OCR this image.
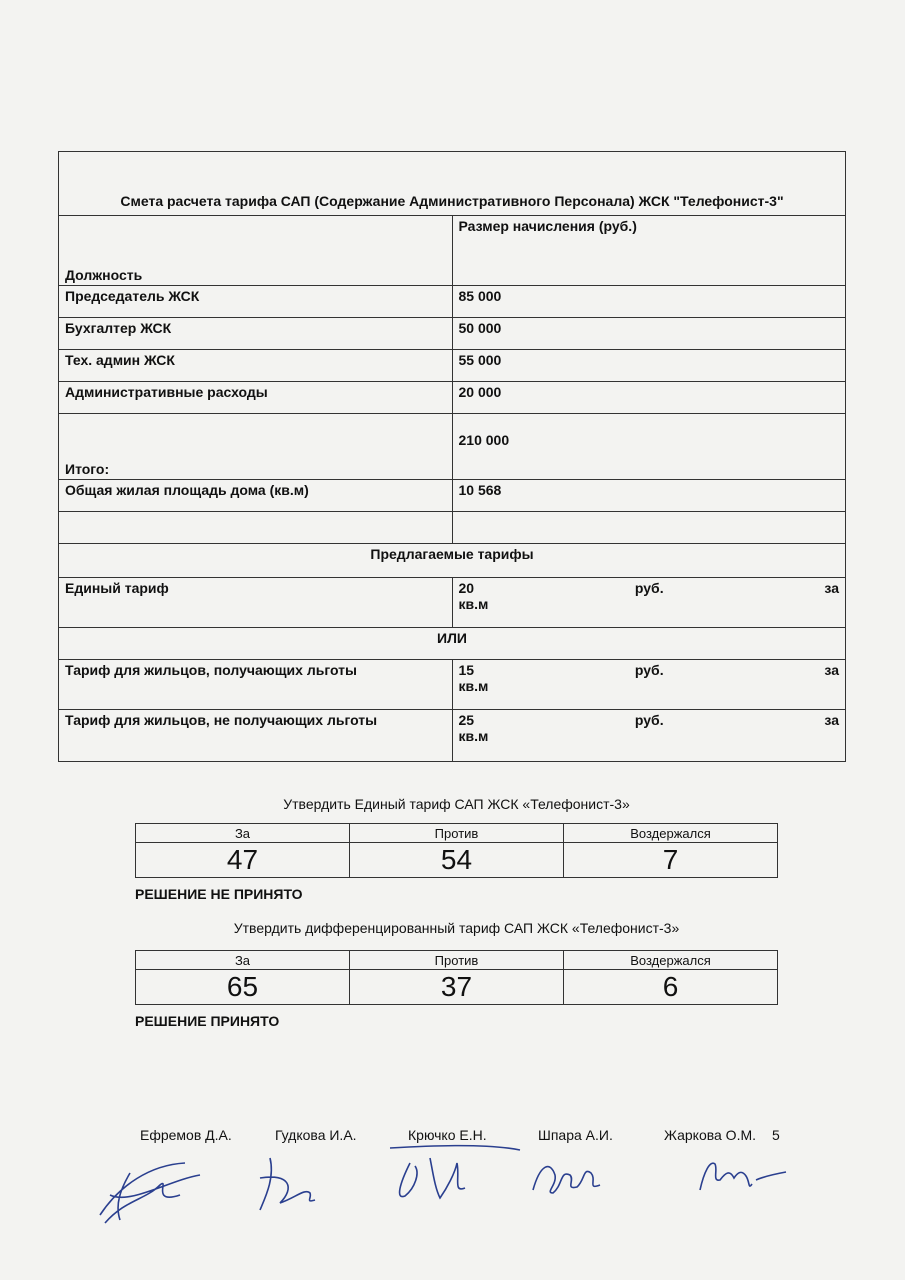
Смета расчета тарифа САП (Содержание Административного Персонала) ЖСК "Телефонист-3"	
Должность	Размер начисления (руб.)
Председатель ЖСК	85 000
Бухгалтер ЖСК	50 000
Тех. админ ЖСК	55 000
Административные расходы	20 000
Итого:	210 000
Общая жилая площадь дома (кв.м)	10 568

Предлагаемые тарифы	
Единый тариф	20 руб. за
кв.м

ИЛИ	
Тариф для жильцов, получающих льготы	15 руб. за
кв.м

Тариф для жильцов, не получающих льготы	25 руб. за
кв.м
Утвердить Единый тариф САП ЖСК «Телефонист-3»
За	Против	Воздержался
47	54	7
РЕШЕНИЕ НЕ ПРИНЯТО
Утвердить дифференцированный тариф САП ЖСК «Телефонист-3»
За	Против	Воздержался
65	37	6
РЕШЕНИЕ ПРИНЯТО
Ефремов Д.А.	Гудкова И.А.	Крючко Е.Н.	Шпара А.И.	Жаркова О.М. 5
